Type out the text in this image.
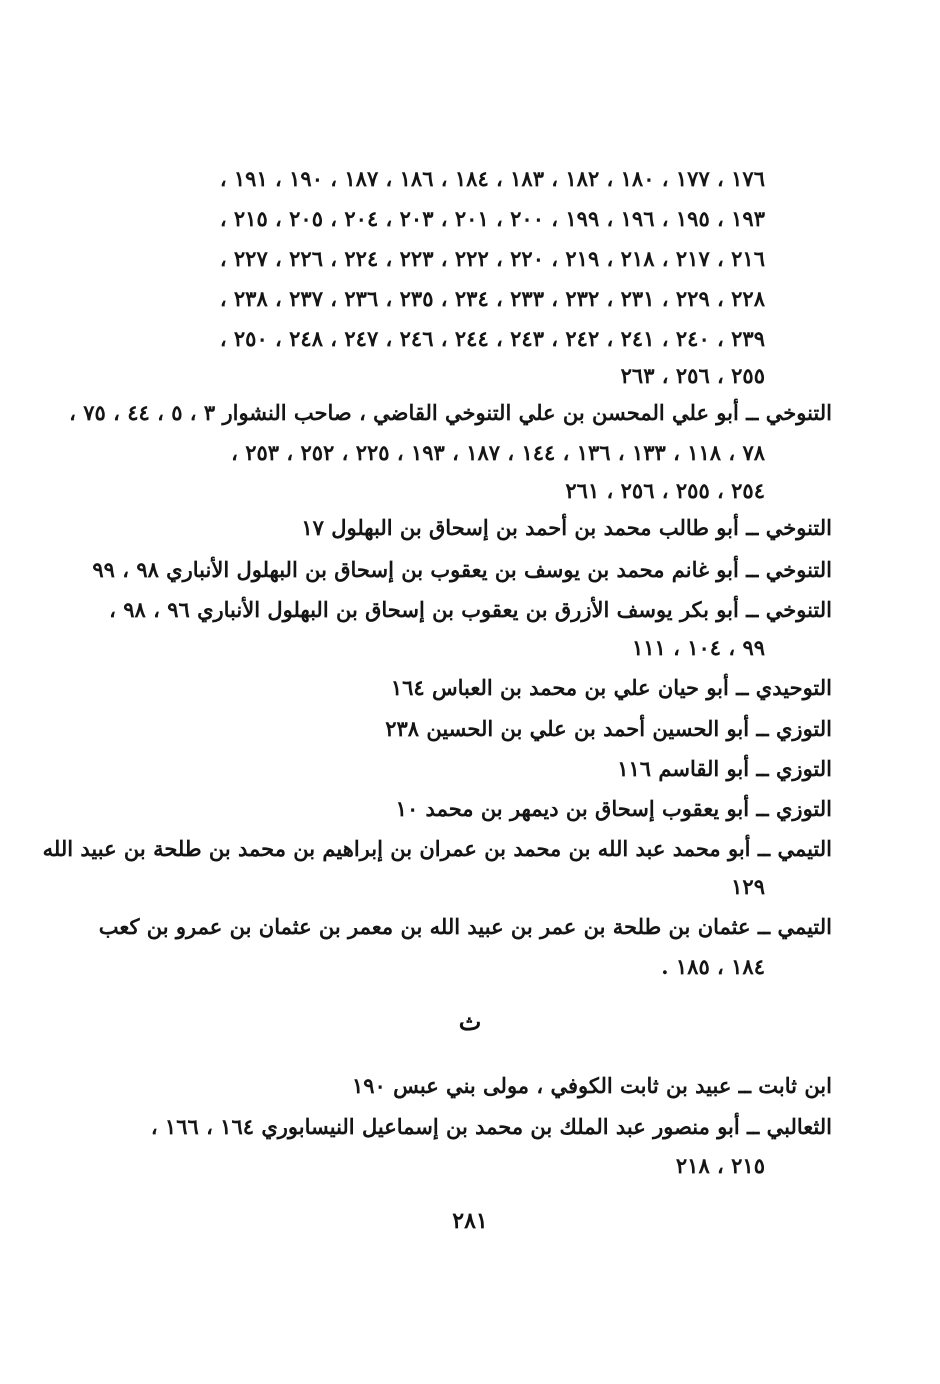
١٧٦ ، ١٧٧ ، ١٨٠ ، ١٨٢ ، ١٨٣ ، ١٨٤ ، ١٨٦ ، ١٨٧ ، ١٩٠ ، ١٩١ ،
١٩٣ ، ١٩٥ ، ١٩٦ ، ١٩٩ ، ٢٠٠ ، ٢٠١ ، ٢٠٣ ، ٢٠٤ ، ٢٠٥ ، ٢١٥ ،
٢١٦ ، ٢١٧ ، ٢١٨ ، ٢١٩ ، ٢٢٠ ، ٢٢٢ ، ٢٢٣ ، ٢٢٤ ، ٢٢٦ ، ٢٢٧ ،
٢٢٨ ، ٢٢٩ ، ٢٣١ ، ٢٣٢ ، ٢٣٣ ، ٢٣٤ ، ٢٣٥ ، ٢٣٦ ، ٢٣٧ ، ٢٣٨ ،
٢٣٩ ، ٢٤٠ ، ٢٤١ ، ٢٤٢ ، ٢٤٣ ، ٢٤٤ ، ٢٤٦ ، ٢٤٧ ، ٢٤٨ ، ٢٥٠ ،
٢٥٥ ، ٢٥٦ ، ٢٦٣
التنوخي ــ أبو علي المحسن بن علي التنوخي القاضي ، صاحب النشوار ٣ ، ٥ ، ٤٤ ، ٧٥ ،
٧٨ ، ١١٨ ، ١٣٣ ، ١٣٦ ، ١٤٤ ، ١٨٧ ، ١٩٣ ، ٢٢٥ ، ٢٥٢ ، ٢٥٣ ،
٢٥٤ ، ٢٥٥ ، ٢٥٦ ، ٢٦١
التنوخي ــ أبو طالب محمد بن أحمد بن إسحاق بن البهلول ١٧
التنوخي ــ أبو غانم محمد بن يوسف بن يعقوب بن إسحاق بن البهلول الأنباري ٩٨ ، ٩٩
التنوخي ــ أبو بكر يوسف الأزرق بن يعقوب بن إسحاق بن البهلول الأنباري ٩٦ ، ٩٨ ،
٩٩ ، ١٠٤ ، ١١١
التوحيدي ــ أبو حيان علي بن محمد بن العباس ١٦٤
التوزي ــ أبو الحسين أحمد بن علي بن الحسين ٢٣٨
التوزي ــ أبو القاسم ١١٦
التوزي ــ أبو يعقوب إسحاق بن ديمهر بن محمد ١٠
التيمي ــ أبو محمد عبد الله بن محمد بن عمران بن إبراهيم بن محمد بن طلحة بن عبيد الله
١٢٩
التيمي ــ عثمان بن طلحة بن عمر بن عبيد الله بن معمر بن عثمان بن عمرو بن كعب
١٨٤ ، ١٨٥ .
ث
ابن ثابت ــ عبيد بن ثابت الكوفي ، مولى بني عبس ١٩٠
الثعالبي ــ أبو منصور عبد الملك بن محمد بن إسماعيل النيسابوري ١٦٤ ، ١٦٦ ،
٢١٥ ، ٢١٨
٢٨١
